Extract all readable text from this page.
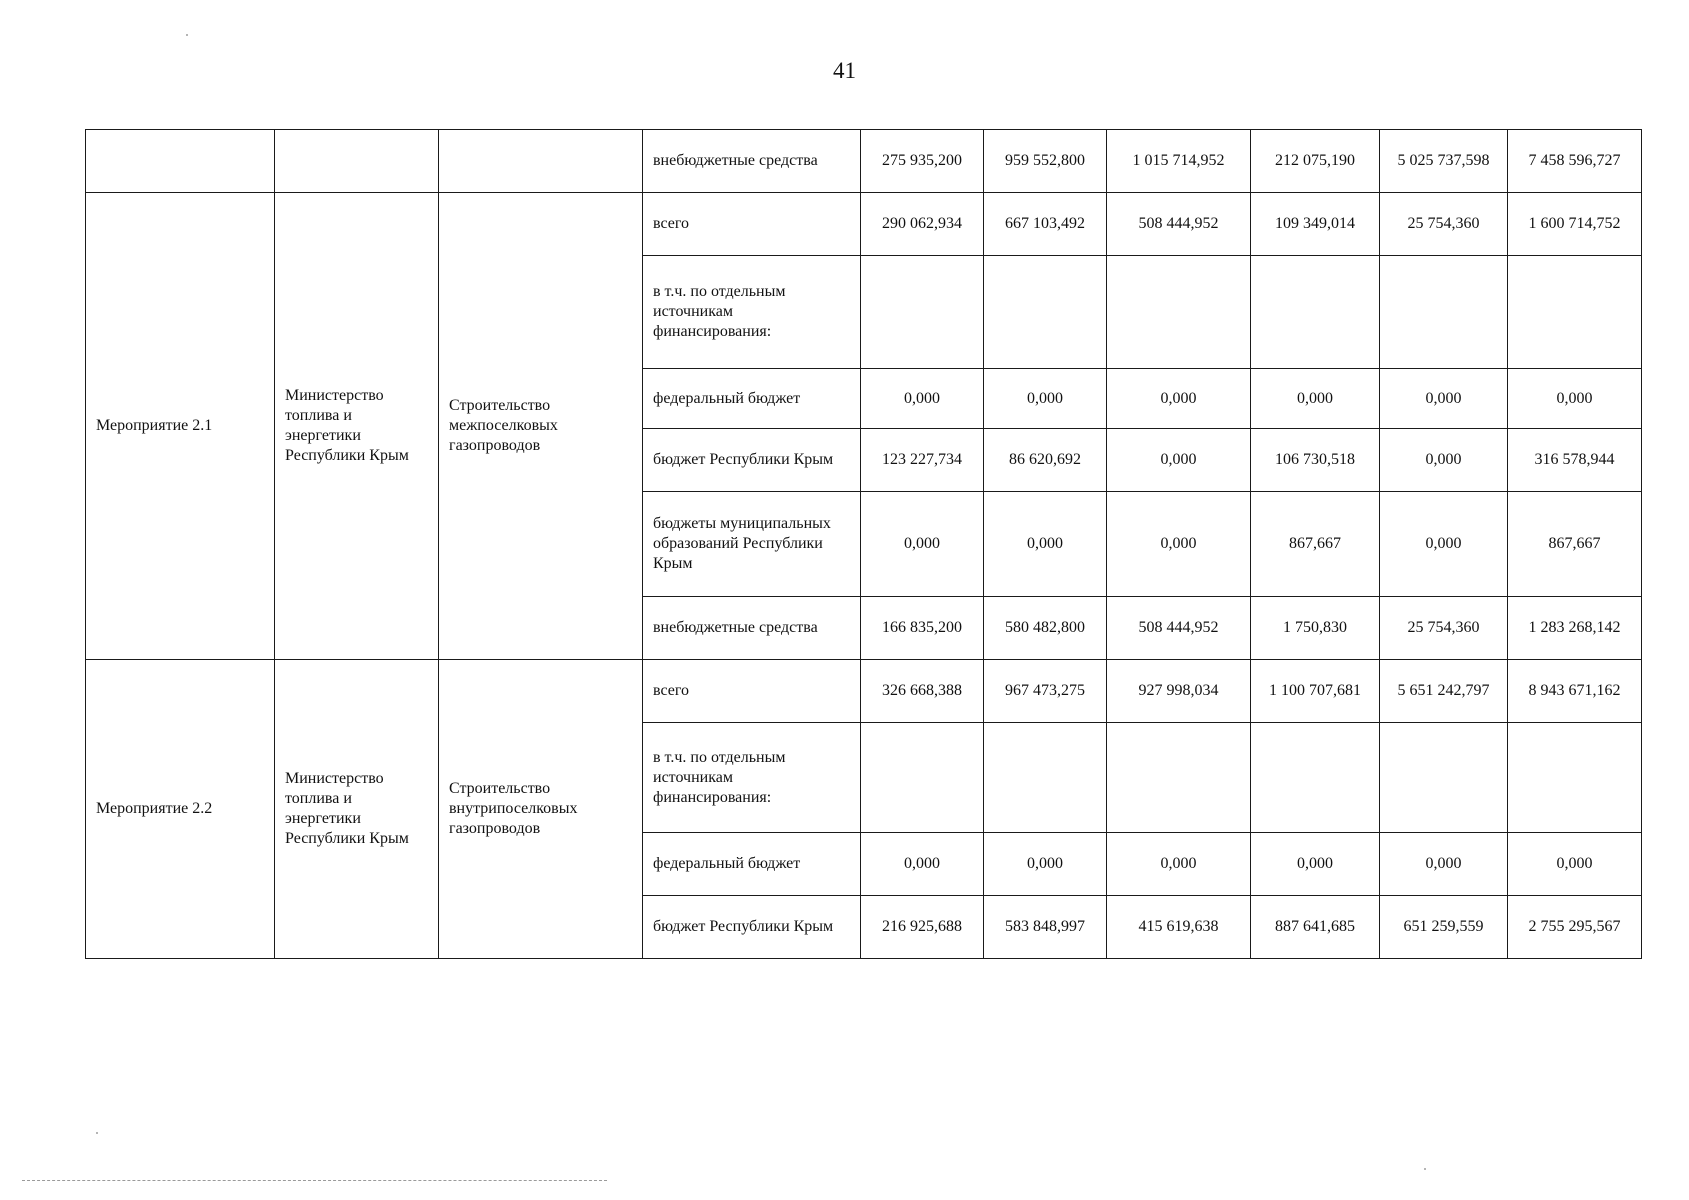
41
			внебюджетные средства	275 935,200	959 552,800	1 015 714,952	212 075,190	5 025 737,598	7 458 596,727
Мероприятие 2.1	Министерство топлива и энергетики Республики Крым	Строительство межпоселковых газопроводов	всего	290 062,934	667 103,492	508 444,952	109 349,014	25 754,360	1 600 714,752
			в т.ч. по отдельным источникам финансирования:						
			федеральный бюджет	0,000	0,000	0,000	0,000	0,000	0,000
			бюджет Республики Крым	123 227,734	86 620,692	0,000	106 730,518	0,000	316 578,944
			бюджеты муниципальных образований Республики Крым	0,000	0,000	0,000	867,667	0,000	867,667
			внебюджетные средства	166 835,200	580 482,800	508 444,952	1 750,830	25 754,360	1 283 268,142
Мероприятие 2.2	Министерство топлива и энергетики Республики Крым	Строительство внутрипоселковых газопроводов	всего	326 668,388	967 473,275	927 998,034	1 100 707,681	5 651 242,797	8 943 671,162
			в т.ч. по отдельным источникам финансирования:						
			федеральный бюджет	0,000	0,000	0,000	0,000	0,000	0,000
			бюджет Республики Крым	216 925,688	583 848,997	415 619,638	887 641,685	651 259,559	2 755 295,567
